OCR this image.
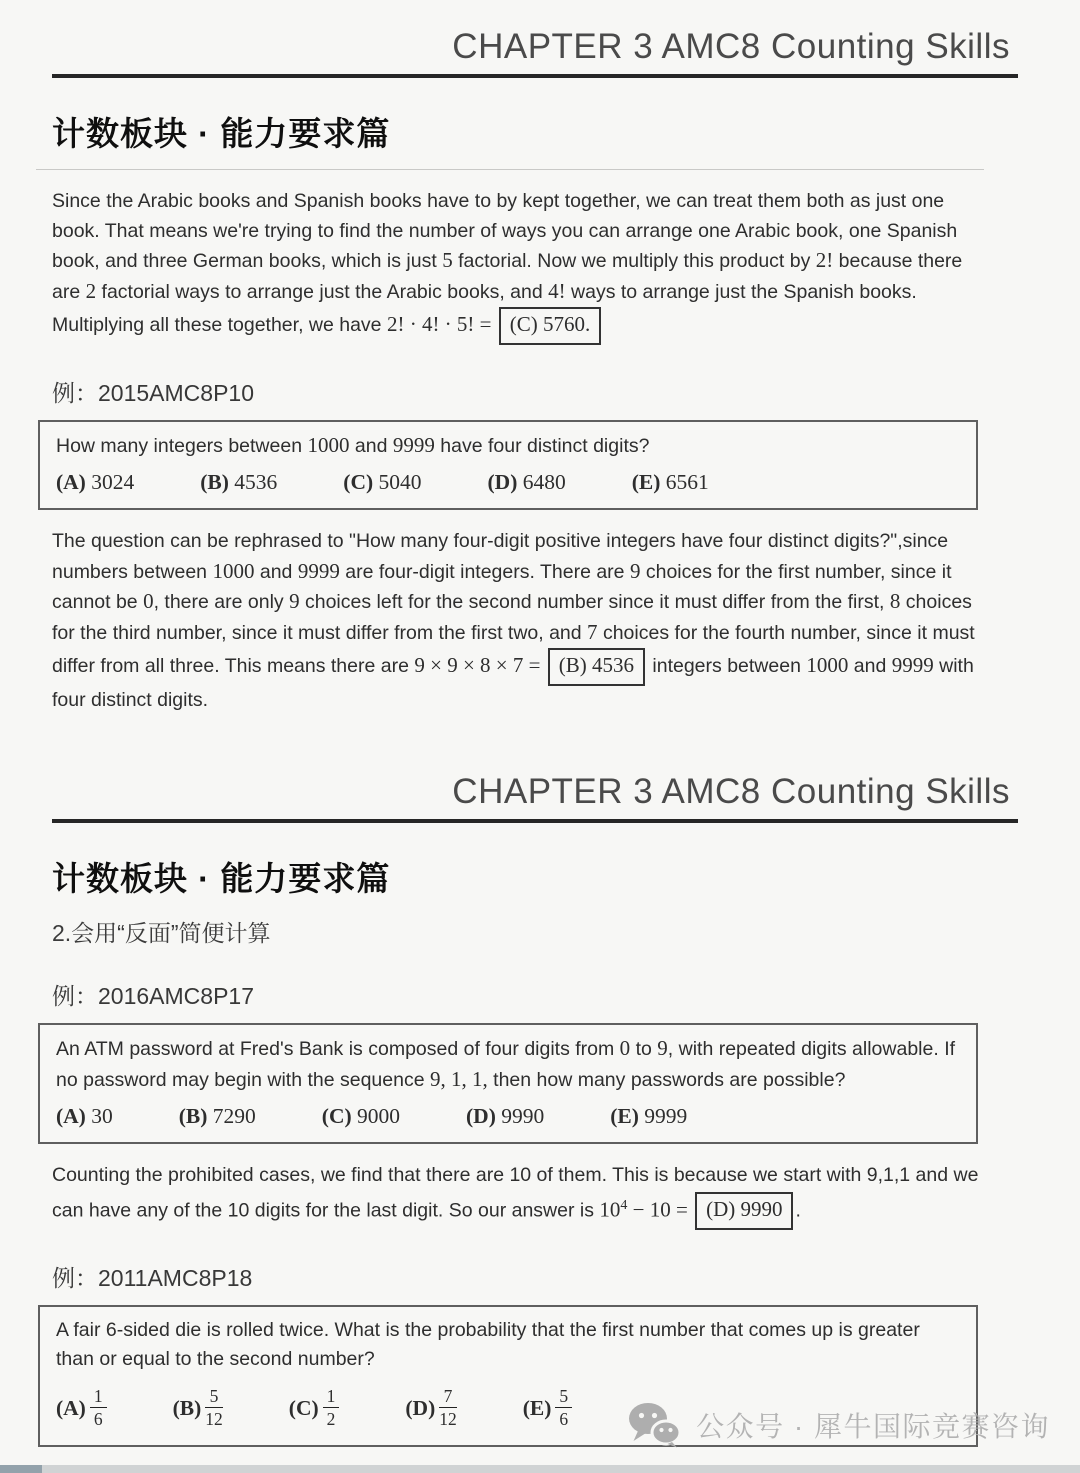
CHAPTER 3 AMC8 Counting Skills
计数板块 · 能力要求篇

Since the Arabic books and Spanish books have to by kept together, we can treat them both as just one book. That means we're trying to find the number of ways you can arrange one Arabic book, one Spanish book, and three German books, which is just 5 factorial. Now we multiply this product by 2! because there are 2 factorial ways to arrange just the Arabic books, and 4! ways to arrange just the Spanish books. Multiplying all these together, we have 2! · 4! · 5! = (C) 5760.

例：2015AMC8P10

How many integers between 1000 and 9999 have four distinct digits?

(A) 3024	(B) 4536	(C) 5040	(D) 6480	(E) 6561

The question can be rephrased to "How many four-digit positive integers have four distinct digits?",since numbers between 1000 and 9999 are four-digit integers. There are 9 choices for the first number, since it cannot be 0, there are only 9 choices left for the second number since it must differ from the first, 8 choices for the third number, since it must differ from the first two, and 7 choices for the fourth number, since it must differ from all three. This means there are 9 × 9 × 8 × 7 = (B) 4536 integers between 1000 and 9999 with four distinct digits.

CHAPTER 3 AMC8 Counting Skills
计数板块 · 能力要求篇
2.会用“反面”简便计算
例：2016AMC8P17

An ATM password at Fred's Bank is composed of four digits from 0 to 9, with repeated digits allowable. If no password may begin with the sequence 9, 1, 1, then how many passwords are possible?

(A) 30	(B) 7290	(C) 9000	(D) 9990	(E) 9999

Counting the prohibited cases, we find that there are 10 of them. This is because we start with 9,1,1 and we can have any of the 10 digits for the last digit. So our answer is $10^4 - 10 = (D)$ 9990 .

例：2011AMC8P18

A fair 6-sided die is rolled twice. What is the probability that the first number that comes up is greater than or equal to the second number?

$(A) \frac{1}{6}$	$(B) \frac{5}{12}$	$(C) \frac{1}{2}$	$(D) \frac{7}{12}$	$(E) \frac{5}{6}$	公众号 · 犀牛国际竞赛咨询
